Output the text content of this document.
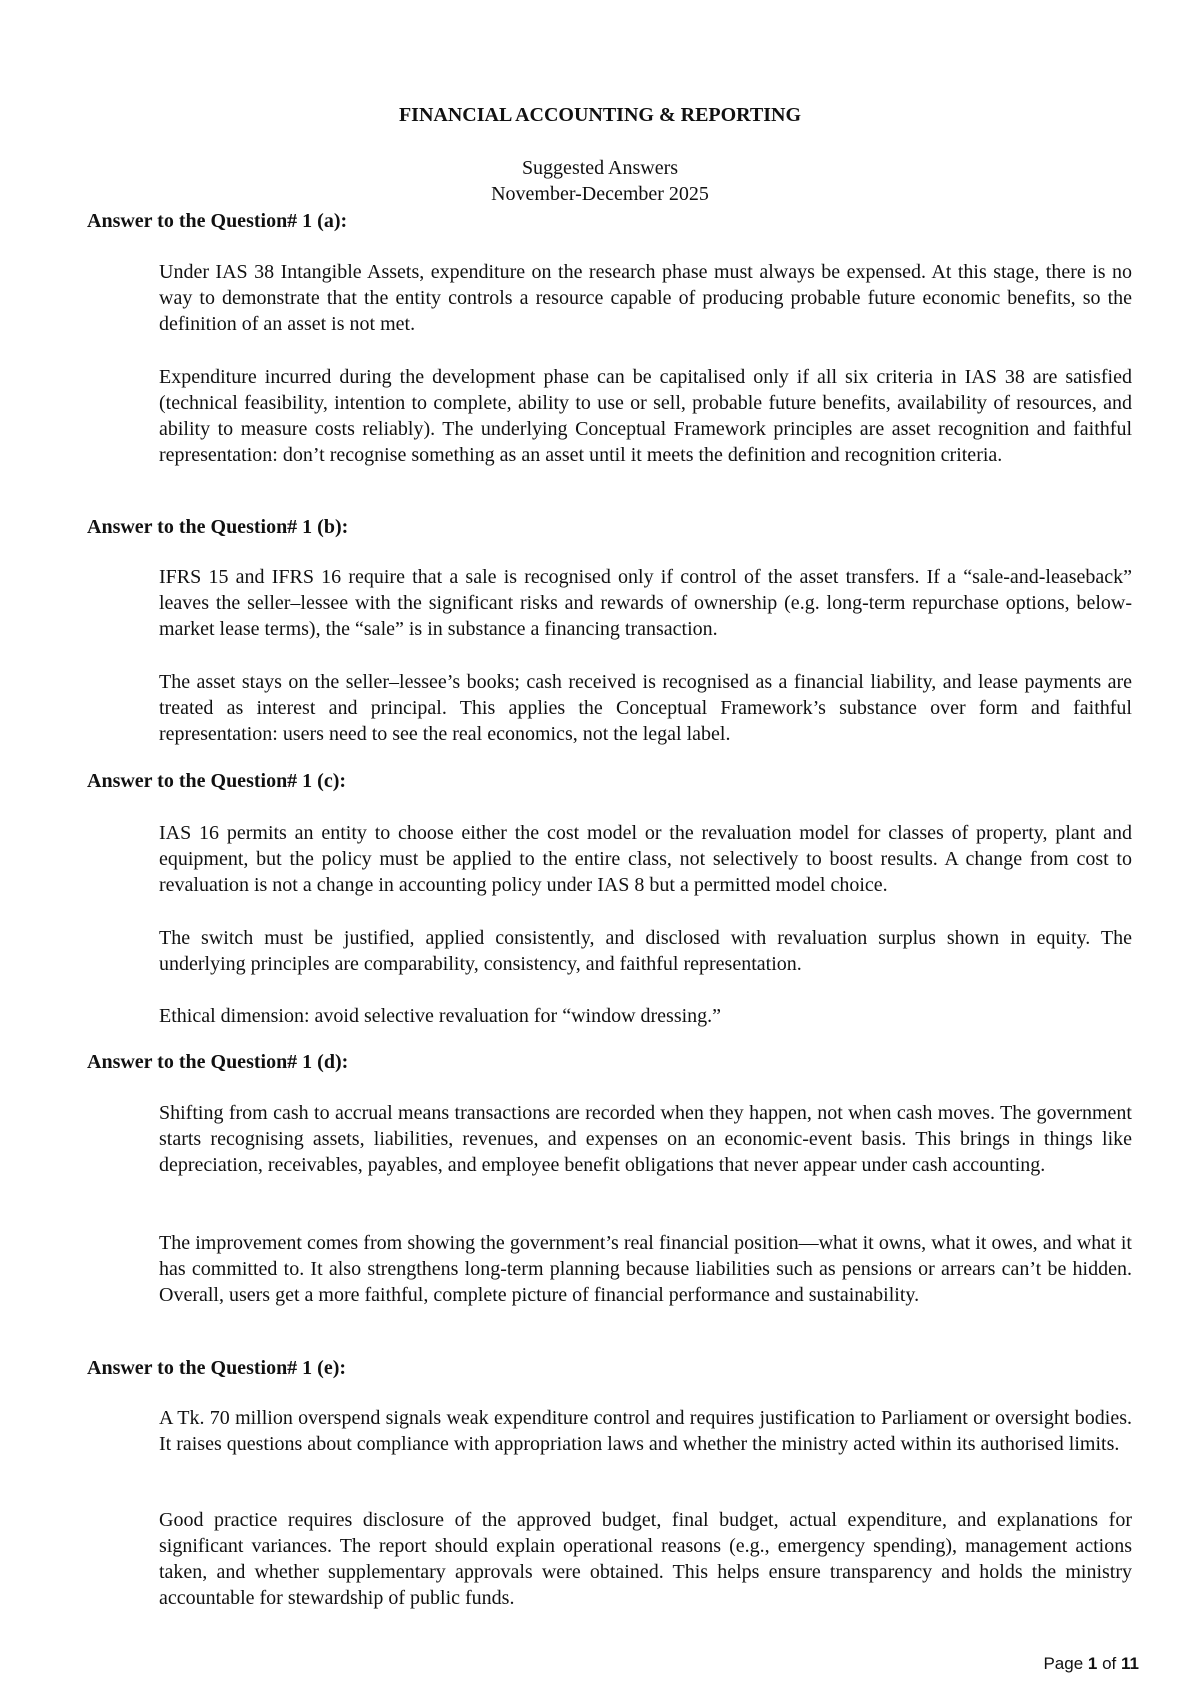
FINANCIAL ACCOUNTING & REPORTING
Suggested Answers
November-December 2025
Answer to the Question# 1 (a):
Under IAS 38 Intangible Assets, expenditure on the research phase must always be expensed. At this stage, there is no way to demonstrate that the entity controls a resource capable of producing probable future economic benefits, so the definition of an asset is not met.
Expenditure incurred during the development phase can be capitalised only if all six criteria in IAS 38 are satisfied (technical feasibility, intention to complete, ability to use or sell, probable future benefits, availability of resources, and ability to measure costs reliably). The underlying Conceptual Framework principles are asset recognition and faithful representation: don’t recognise something as an asset until it meets the definition and recognition criteria.
Answer to the Question# 1 (b):
IFRS 15 and IFRS 16 require that a sale is recognised only if control of the asset transfers. If a “sale-and-leaseback” leaves the seller–lessee with the significant risks and rewards of ownership (e.g. long-term repurchase options, below-market lease terms), the “sale” is in substance a financing transaction.
The asset stays on the seller–lessee’s books; cash received is recognised as a financial liability, and lease payments are treated as interest and principal. This applies the Conceptual Framework’s substance over form and faithful representation: users need to see the real economics, not the legal label.
Answer to the Question# 1 (c):
IAS 16 permits an entity to choose either the cost model or the revaluation model for classes of property, plant and equipment, but the policy must be applied to the entire class, not selectively to boost results. A change from cost to revaluation is not a change in accounting policy under IAS 8 but a permitted model choice.
The switch must be justified, applied consistently, and disclosed with revaluation surplus shown in equity. The underlying principles are comparability, consistency, and faithful representation.
Ethical dimension: avoid selective revaluation for “window dressing.”
Answer to the Question# 1 (d):
Shifting from cash to accrual means transactions are recorded when they happen, not when cash moves. The government starts recognising assets, liabilities, revenues, and expenses on an economic-event basis. This brings in things like depreciation, receivables, payables, and employee benefit obligations that never appear under cash accounting.
The improvement comes from showing the government’s real financial position—what it owns, what it owes, and what it has committed to. It also strengthens long-term planning because liabilities such as pensions or arrears can’t be hidden. Overall, users get a more faithful, complete picture of financial performance and sustainability.
Answer to the Question# 1 (e):
A Tk. 70 million overspend signals weak expenditure control and requires justification to Parliament or oversight bodies. It raises questions about compliance with appropriation laws and whether the ministry acted within its authorised limits.
Good practice requires disclosure of the approved budget, final budget, actual expenditure, and explanations for significant variances. The report should explain operational reasons (e.g., emergency spending), management actions taken, and whether supplementary approvals were obtained. This helps ensure transparency and holds the ministry accountable for stewardship of public funds.
Page 1 of 11
